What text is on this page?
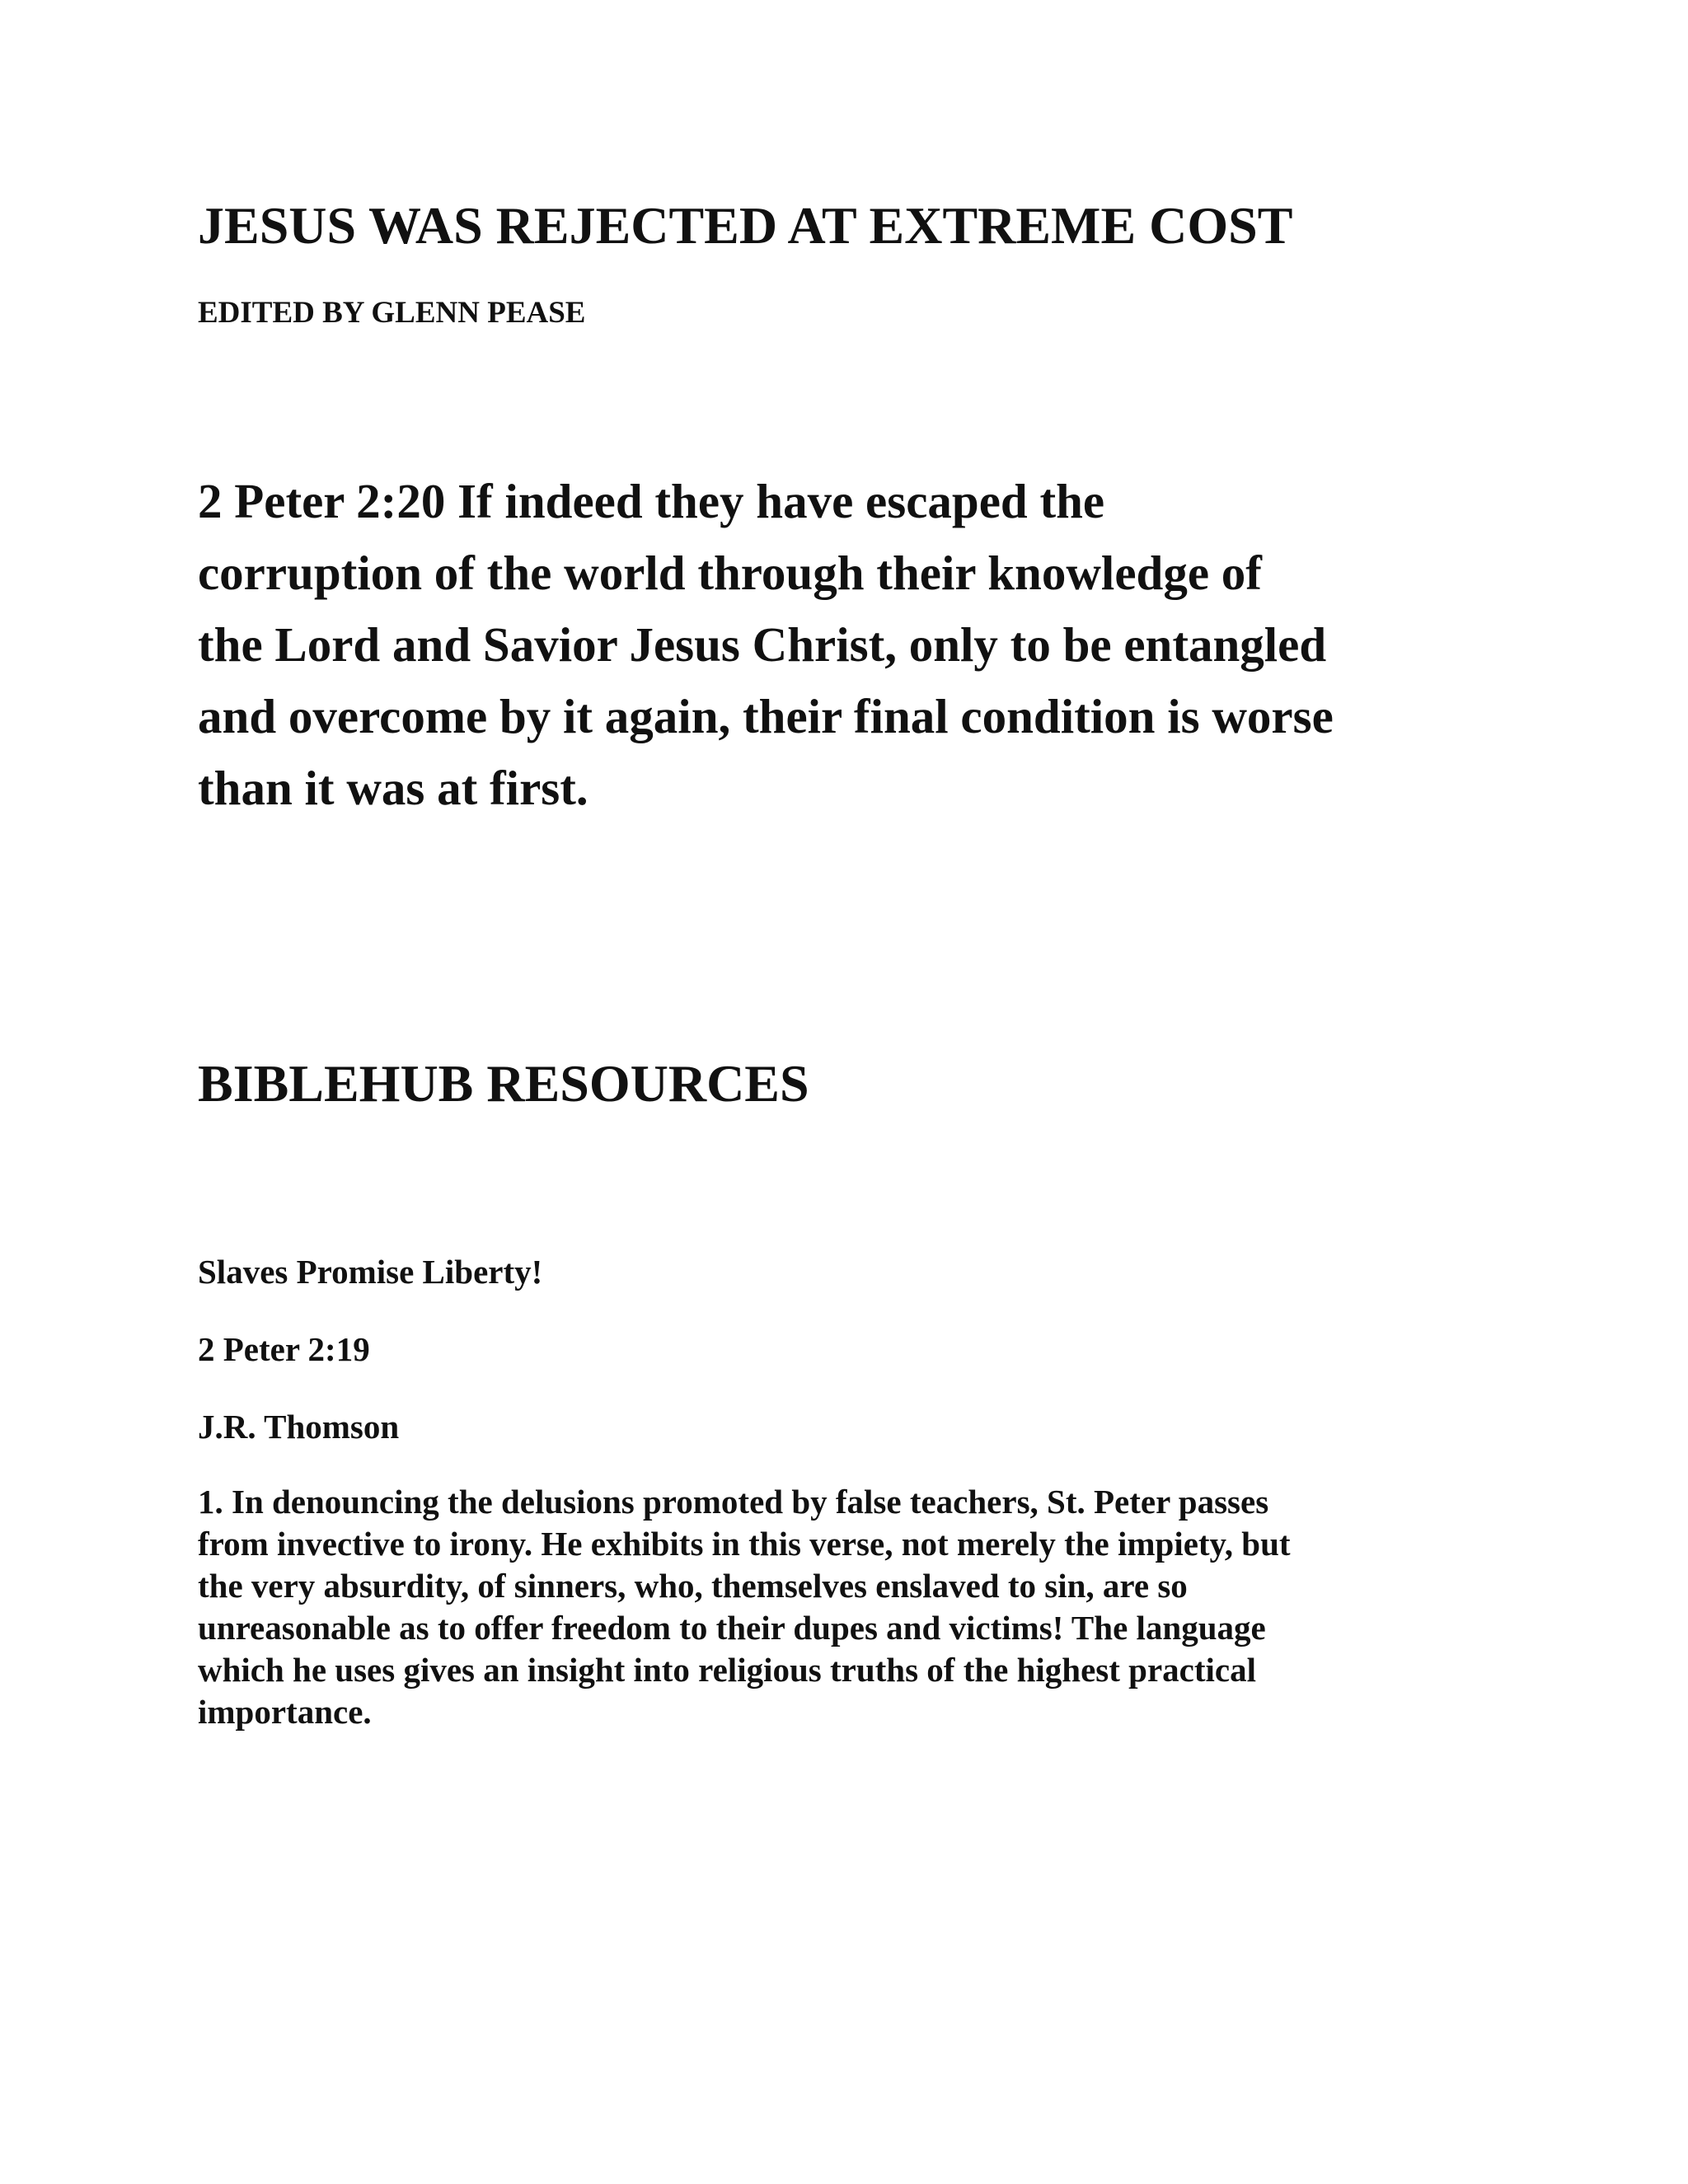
JESUS WAS REJECTED AT EXTREME COST
EDITED BY GLENN PEASE
2 Peter 2:20 If indeed they have escaped the
corruption of the world through their knowledge of
the Lord and Savior Jesus Christ, only to be entangled
and overcome by it again, their final condition is worse
than it was at first.
BIBLEHUB RESOURCES
Slaves Promise Liberty!
2 Peter 2:19
J.R. Thomson
1. In denouncing the delusions promoted by false teachers, St. Peter passes
from invective to irony. He exhibits in this verse, not merely the impiety, but
the very absurdity, of sinners, who, themselves enslaved to sin, are so
unreasonable as to offer freedom to their dupes and victims! The language
which he uses gives an insight into religious truths of the highest practical
importance.
